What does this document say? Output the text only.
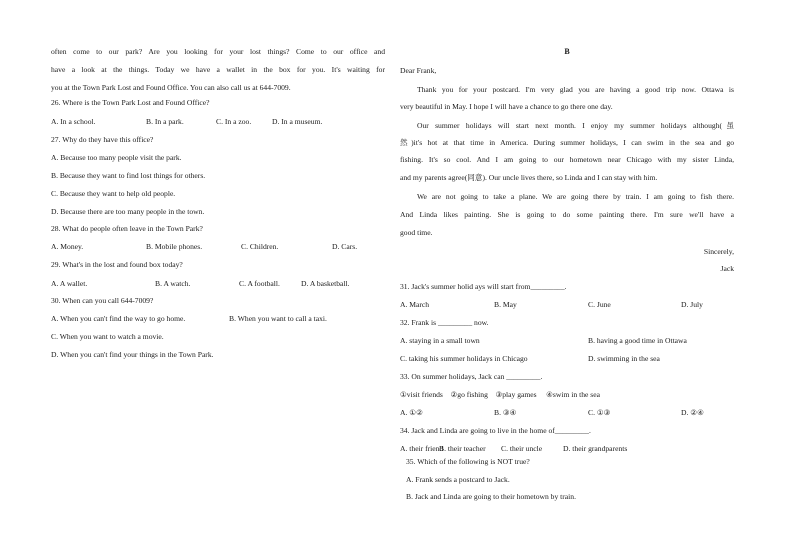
often come to our park? Are you looking for your lost things? Come to our office and
have a look at the things. Today we have a wallet in the box for you. It's waiting for
you at the Town Park Lost and Found Office. You can also call us at 644-7009.
26. Where is the Town Park Lost and Found Office?
A. In a school.	B. In a park.	C. In a zoo.	D. In a museum.
27. Why do they have this office?
A. Because too many people visit the park.
B. Because they want to find lost things for others.
C. Because they want to help old people.
D. Because there are too many people in the town.
28. What do people often leave in the Town Park?
A. Money.	B. Mobile phones.	C. Children.	D. Cars.
29. What's in the lost and found box today?
A. A wallet.	B. A watch.	C. A football.	D. A basketball.
30. When can you call 644-7009?
A. When you can't find the way to go home.	B. When you want to call a taxi.
C. When you want to watch a movie.
D. When you can't find your things in the Town Park.
B
Dear Frank,
Thank you for your postcard. I'm very glad you are having a good trip now. Ottawa is
very beautiful in May. I hope I will have a chance to go there one day.
Our summer holidays will start next month. I enjoy my summer holidays although(虽
然)it's hot at that time in America. During summer holidays, I can swim in the sea and go
fishing. It's so cool. And I am going to our hometown near Chicago with my sister Linda,
and my parents agree(同意). Our uncle lives there, so Linda and I can stay with him.
We are not going to take a plane. We are going there by train. I am going to fish there.
And Linda likes painting. She is going to do some painting there. I'm sure we'll have a
good time.
Sincerely,
Jack
31. Jack's summer holid ays will start from_________.
A. March	B. May	C. June	D. July
32. Frank is _________ now.
A. staying in a small town	B. having a good time in Ottawa
C. taking his summer holidays in Chicago	D. swimming in the sea
33. On summer holidays, Jack can _________.
①visit friends    ②go fishing    ③play games     ④swim in the sea
A. ①②	B. ③④	C. ①③	D. ②④
34. Jack and Linda are going to live in the home of_________.
A. their friend
B. their teacher	C. their uncle	D. their grandparents
35. Which of the following is NOT true?
A. Frank sends a postcard to Jack.
B. Jack and Linda are going to their hometown by train.
